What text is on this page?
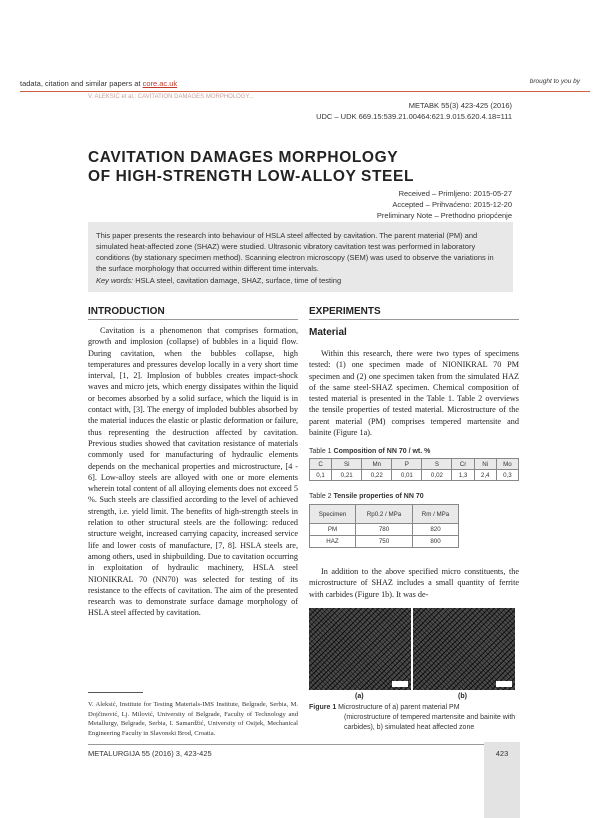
tadata, citation and similar papers at core.ac.uk	brought to you by
V. ALEKSIĆ et al.: CAVITATION DAMAGES MORPHOLOGY...
METABK 55(3) 423-425 (2016)
UDC – UDK 669.15:539.21.00464:621.9.015.620.4.18=111
CAVITATION DAMAGES MORPHOLOGY
OF HIGH-STRENGTH LOW-ALLOY STEEL
Received – Primljeno: 2015-05-27
Accepted – Prihvaćeno: 2015-12-20
Preliminary Note – Prethodno priopćenje
This paper presents the research into behaviour of HSLA steel affected by cavitation. The parent material (PM) and simulated heat-affected zone (SHAZ) were studied. Ultrasonic vibratory cavitation test was performed in laboratory conditions (by stationary specimen method). Scanning electron microscopy (SEM) was used to observe the variations in the surface morphology that occurred within different time intervals.
Key words: HSLA steel, cavitation damage, SHAZ, surface, time of testing
INTRODUCTION	EXPERIMENTS
Material
Cavitation is a phenomenon that comprises formation, growth and implosion (collapse) of bubbles in a liquid flow. During cavitation, when the bubbles collapse, high temperatures and pressures develop locally in a very short time interval, [1, 2]. Implosion of bubbles creates impact-shock waves and micro jets, which energy dissipates within the liquid or becomes absorbed by a solid surface, which the liquid is in contact with, [3]. The energy of imploded bubbles absorbed by the material induces the elastic or plastic deformation or failure, thus representing the destruction affected by cavitation. Previous studies showed that cavitation resistance of materials commonly used for manufacturing of hydraulic elements depends on the mechanical properties and microstructure, [4 - 6]. Low-alloy steels are alloyed with one or more elements wherein total content of all alloying elements does not exceed 5 %. Such steels are classified according to the level of achieved strength, i.e. yield limit. The benefits of high-strength steels in relation to other structural steels are the following: reduced structure weight, increased carrying capacity, increased service life and lower costs of manufacture, [7, 8]. HSLA steels are, among others, used in shipbuilding. Due to cavitation occurring in exploitation of hydraulic machinery, HSLA steel NIONIKRAL 70 (NN70) was selected for testing of its resistance to the effects of cavitation. The aim of the presented research was to demonstrate surface damage morphology of HSLA steel affected by cavitation.
Within this research, there were two types of specimens tested: (1) one specimen made of NIONIKRAL 70 PM specimen and (2) one specimen taken from the simulated HAZ of the same steel-SHAZ specimen. Chemical composition of tested material is presented in the Table 1. Table 2 overviews the tensile properties of tested material. Microstructure of the parent material (PM) comprises tempered martensite and bainite (Figure 1a).
Table 1 Composition of NN 70 / wt. %
C	Si	Mn	P	S	Cr	Ni	Mo
0,1	0,21	0,22	0,01	0,02	1,3	2,4	0,3
Table 2 Tensile properties of NN 70
Specimen	Rp0.2 / MPa	Rm / MPa
PM	780	820
HAZ	750	800
In addition to the above specified micro constituents, the microstructure of SHAZ includes a small quantity of ferrite with carbides (Figure 1b). It was de-
(a)	(b)
Figure 1 Microstructure of a) parent material PM
(microstructure of tempered martensite and bainite with carbides), b) simulated heat affected zone
V. Aleksić, Institute for Testing Materials-IMS Institute, Belgrade, Serbia, M. Dojčinović, Lj. Milović, University of Belgrade, Faculty of Technology and Metallurgy, Belgrade, Serbia, I. Samardžić, University of Osijek, Mechanical Engineering Faculty in Slavonski Brod, Croatia.
METALURGIJA 55 (2016) 3, 423-425	423
